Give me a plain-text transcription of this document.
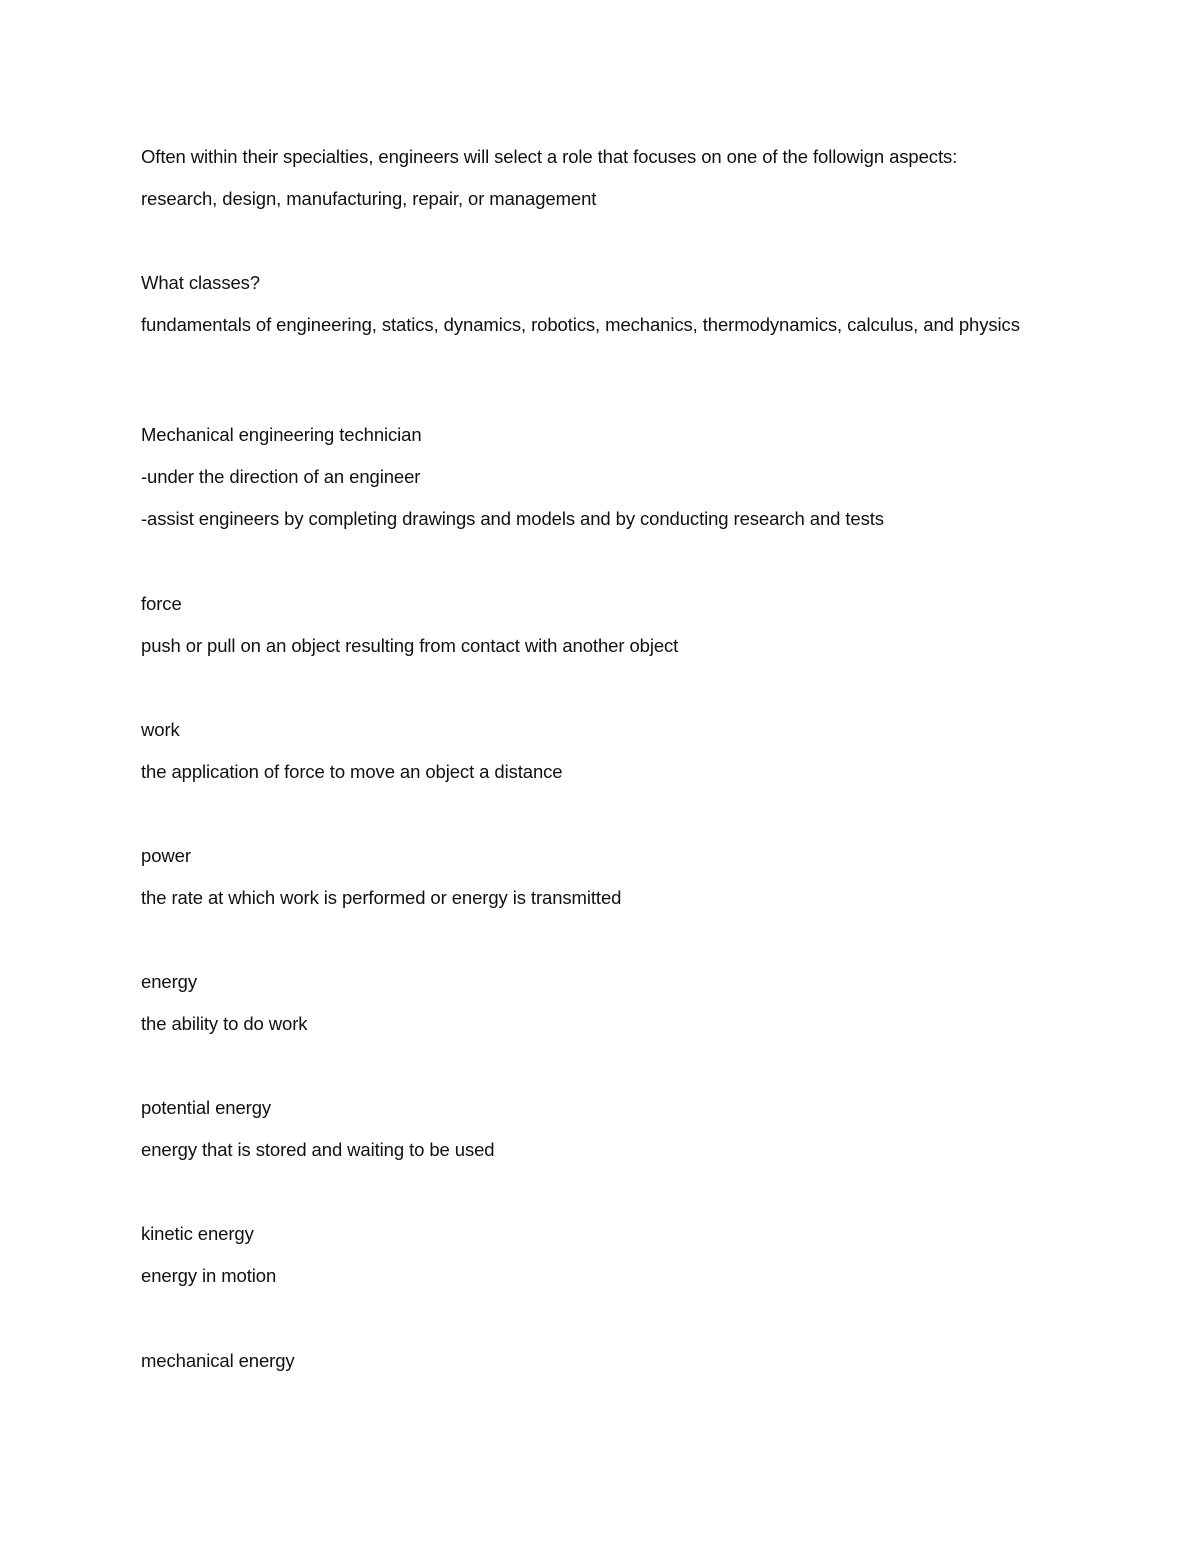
Often within their specialties, engineers will select a role that focuses on one of the followign aspects:
research, design, manufacturing, repair, or management
What classes?
fundamentals of engineering, statics, dynamics, robotics, mechanics, thermodynamics, calculus, and physics
Mechanical engineering technician
-under the direction of an engineer
-assist engineers by completing drawings and models and by conducting research and tests
force
push or pull on an object resulting from contact with another object
work
the application of force to move an object a distance
power
the rate at which work is performed or energy is transmitted
energy
the ability to do work
potential energy
energy that is stored and waiting to be used
kinetic energy
energy in motion
mechanical energy
